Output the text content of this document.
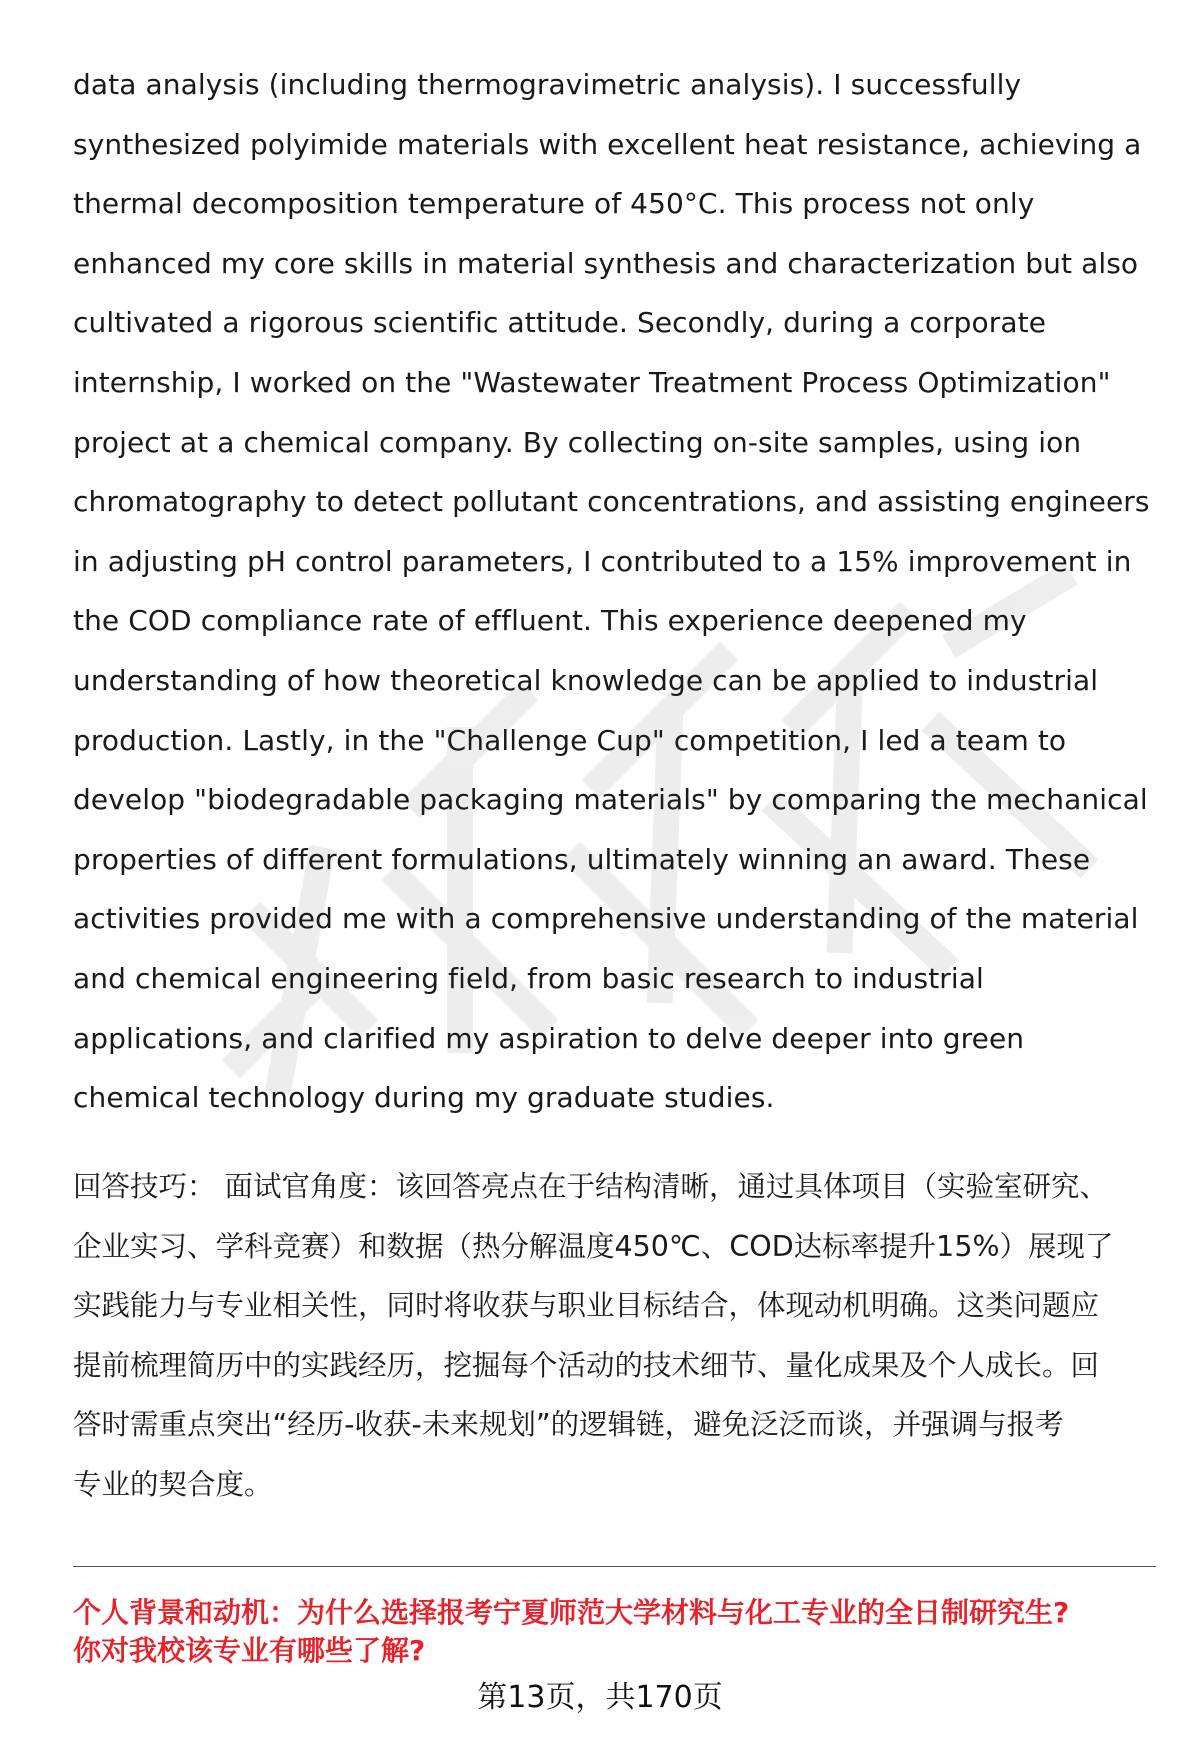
data analysis (including thermogravimetric analysis). I successfully
synthesized polyimide materials with excellent heat resistance, achieving a
thermal decomposition temperature of 450°C. This process not only
enhanced my core skills in material synthesis and characterization but also
cultivated a rigorous scientific attitude. Secondly, during a corporate
internship, I worked on the "Wastewater Treatment Process Optimization"
project at a chemical company. By collecting on-site samples, using ion
chromatography to detect pollutant concentrations, and assisting engineers
in adjusting pH control parameters, I contributed to a 15% improvement in
the COD compliance rate of effluent. This experience deepened my
understanding of how theoretical knowledge can be applied to industrial
production. Lastly, in the "Challenge Cup" competition, I led a team to
develop "biodegradable packaging materials" by comparing the mechanical
properties of different formulations, ultimately winning an award. These
activities provided me with a comprehensive understanding of the material
and chemical engineering field, from basic research to industrial
applications, and clarified my aspiration to delve deeper into green
chemical technology during my graduate studies.
回答技巧： 面试官角度：该回答亮点在于结构清晰，通过具体项目（实验室研究、
企业实习、学科竞赛）和数据（热分解温度450℃、COD达标率提升15%）展现了
实践能力与专业相关性，同时将收获与职业目标结合，体现动机明确。这类问题应
提前梳理简历中的实践经历，挖掘每个活动的技术细节、量化成果及个人成长。回
答时需重点突出“经历-收获-未来规划”的逻辑链，避免泛泛而谈，并强调与报考
专业的契合度。
个人背景和动机：为什么选择报考宁夏师范大学材料与化工专业的全日制研究生?
你对我校该专业有哪些了解?
第13页，共170页
